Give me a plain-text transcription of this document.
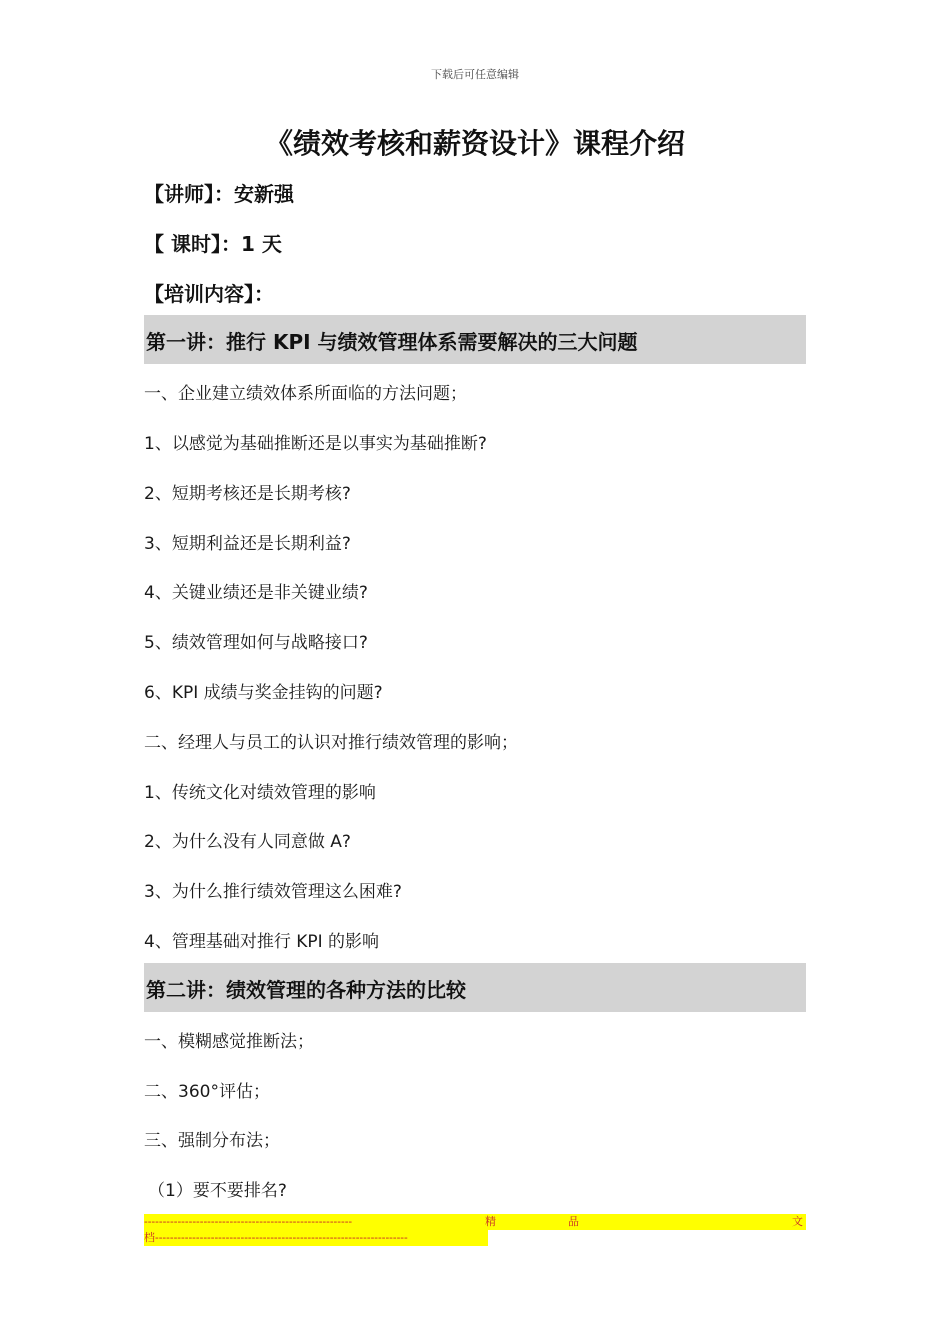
下载后可任意编辑
《绩效考核和薪资设计》课程介绍
【讲师】：安新强
【 课时】：1 天
【培训内容】：
第一讲：推行 KPI 与绩效管理体系需要解决的三大问题
一、企业建立绩效体系所面临的方法问题；
1、以感觉为基础推断还是以事实为基础推断?
2、短期考核还是长期考核?
3、短期利益还是长期利益?
4、关键业绩还是非关键业绩?
5、绩效管理如何与战略接口?
6、KPI 成绩与奖金挂钩的问题?
二、经理人与员工的认识对推行绩效管理的影响；
1、传统文化对绩效管理的影响
2、为什么没有人同意做 A?
3、为什么推行绩效管理这么困难?
4、管理基础对推行 KPI 的影响
第二讲：绩效管理的各种方法的比较
一、模糊感觉推断法；
二、360°评估；
三、强制分布法；
（1）要不要排名?
--------------------------------------------------------	精	品	文
档--------------------------------------------------------------------
